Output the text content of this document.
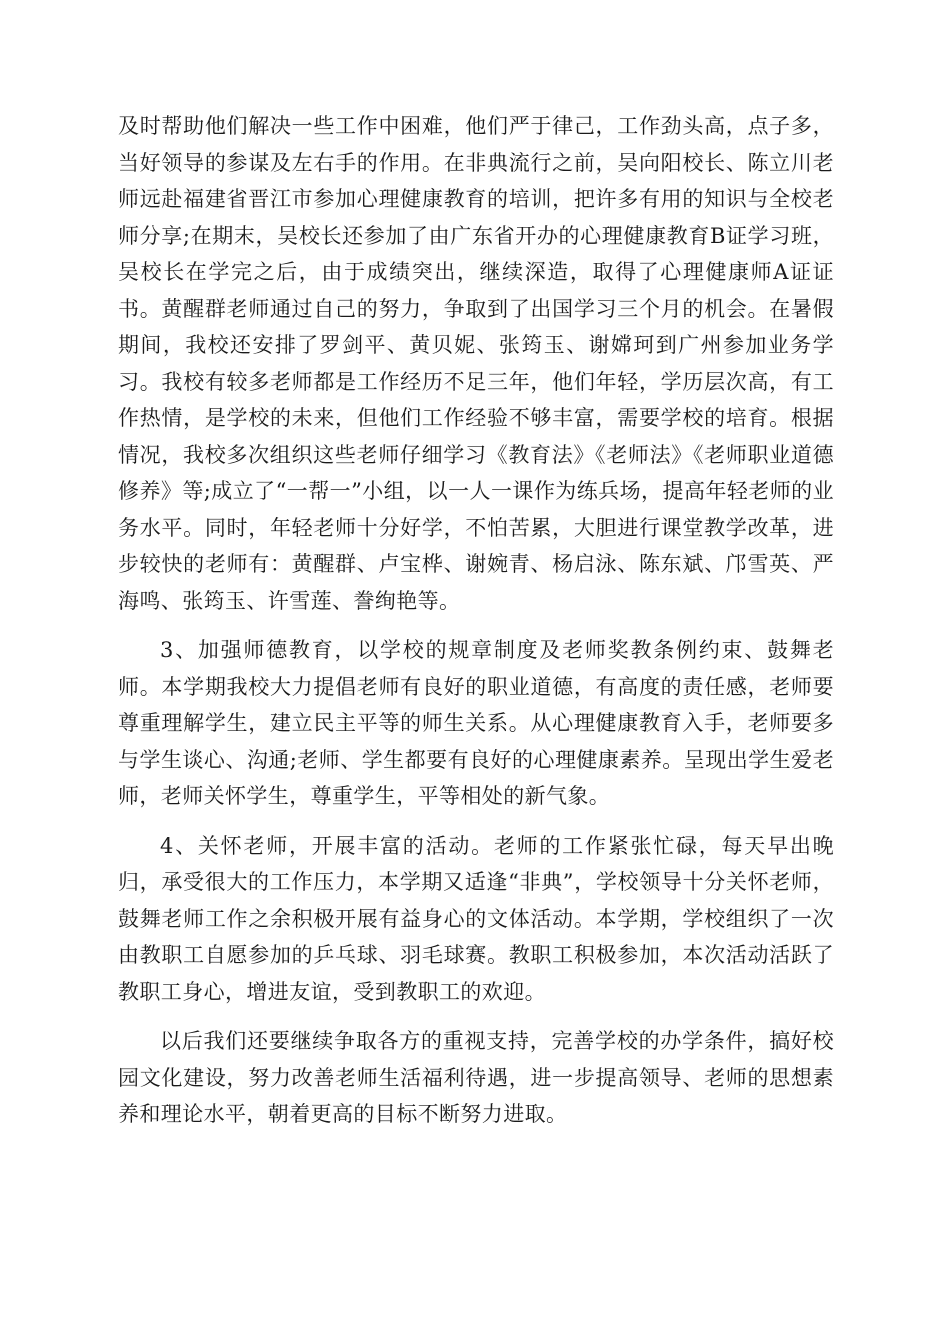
及时帮助他们解决一些工作中困难，他们严于律己，工作劲头高，点子多，当好领导的参谋及左右手的作用。在非典流行之前，吴向阳校长、陈立川老师远赴福建省晋江市参加心理健康教育的培训，把许多有用的知识与全校老师分享;在期末，吴校长还参加了由广东省开办的心理健康教育B证学习班，吴校长在学完之后，由于成绩突出，继续深造，取得了心理健康师A证证书。黄醒群老师通过自己的努力，争取到了出国学习三个月的机会。在暑假期间，我校还安排了罗剑平、黄贝妮、张筠玉、谢嫦珂到广州参加业务学习。我校有较多老师都是工作经历不足三年，他们年轻，学历层次高，有工作热情，是学校的未来，但他们工作经验不够丰富，需要学校的培育。根据情况，我校多次组织这些老师仔细学习《教育法》《老师法》《老师职业道德修养》等;成立了“一帮一”小组，以一人一课作为练兵场，提高年轻老师的业务水平。同时，年轻老师十分好学，不怕苦累，大胆进行课堂教学改革，进步较快的老师有：黄醒群、卢宝桦、谢婉青、杨启泳、陈东斌、邝雪英、严海鸣、张筠玉、许雪莲、誊绚艳等。

3、加强师德教育，以学校的规章制度及老师奖教条例约束、鼓舞老师。本学期我校大力提倡老师有良好的职业道德，有高度的责任感，老师要尊重理解学生，建立民主平等的师生关系。从心理健康教育入手，老师要多与学生谈心、沟通;老师、学生都要有良好的心理健康素养。呈现出学生爱老师，老师关怀学生，尊重学生，平等相处的新气象。

4、关怀老师，开展丰富的活动。老师的工作紧张忙碌，每天早出晚归，承受很大的工作压力，本学期又适逢“非典”，学校领导十分关怀老师，鼓舞老师工作之余积极开展有益身心的文体活动。本学期，学校组织了一次由教职工自愿参加的乒乓球、羽毛球赛。教职工积极参加，本次活动活跃了教职工身心，增进友谊，受到教职工的欢迎。

以后我们还要继续争取各方的重视支持，完善学校的办学条件，搞好校园文化建设，努力改善老师生活福利待遇，进一步提高领导、老师的思想素养和理论水平，朝着更高的目标不断努力进取。
